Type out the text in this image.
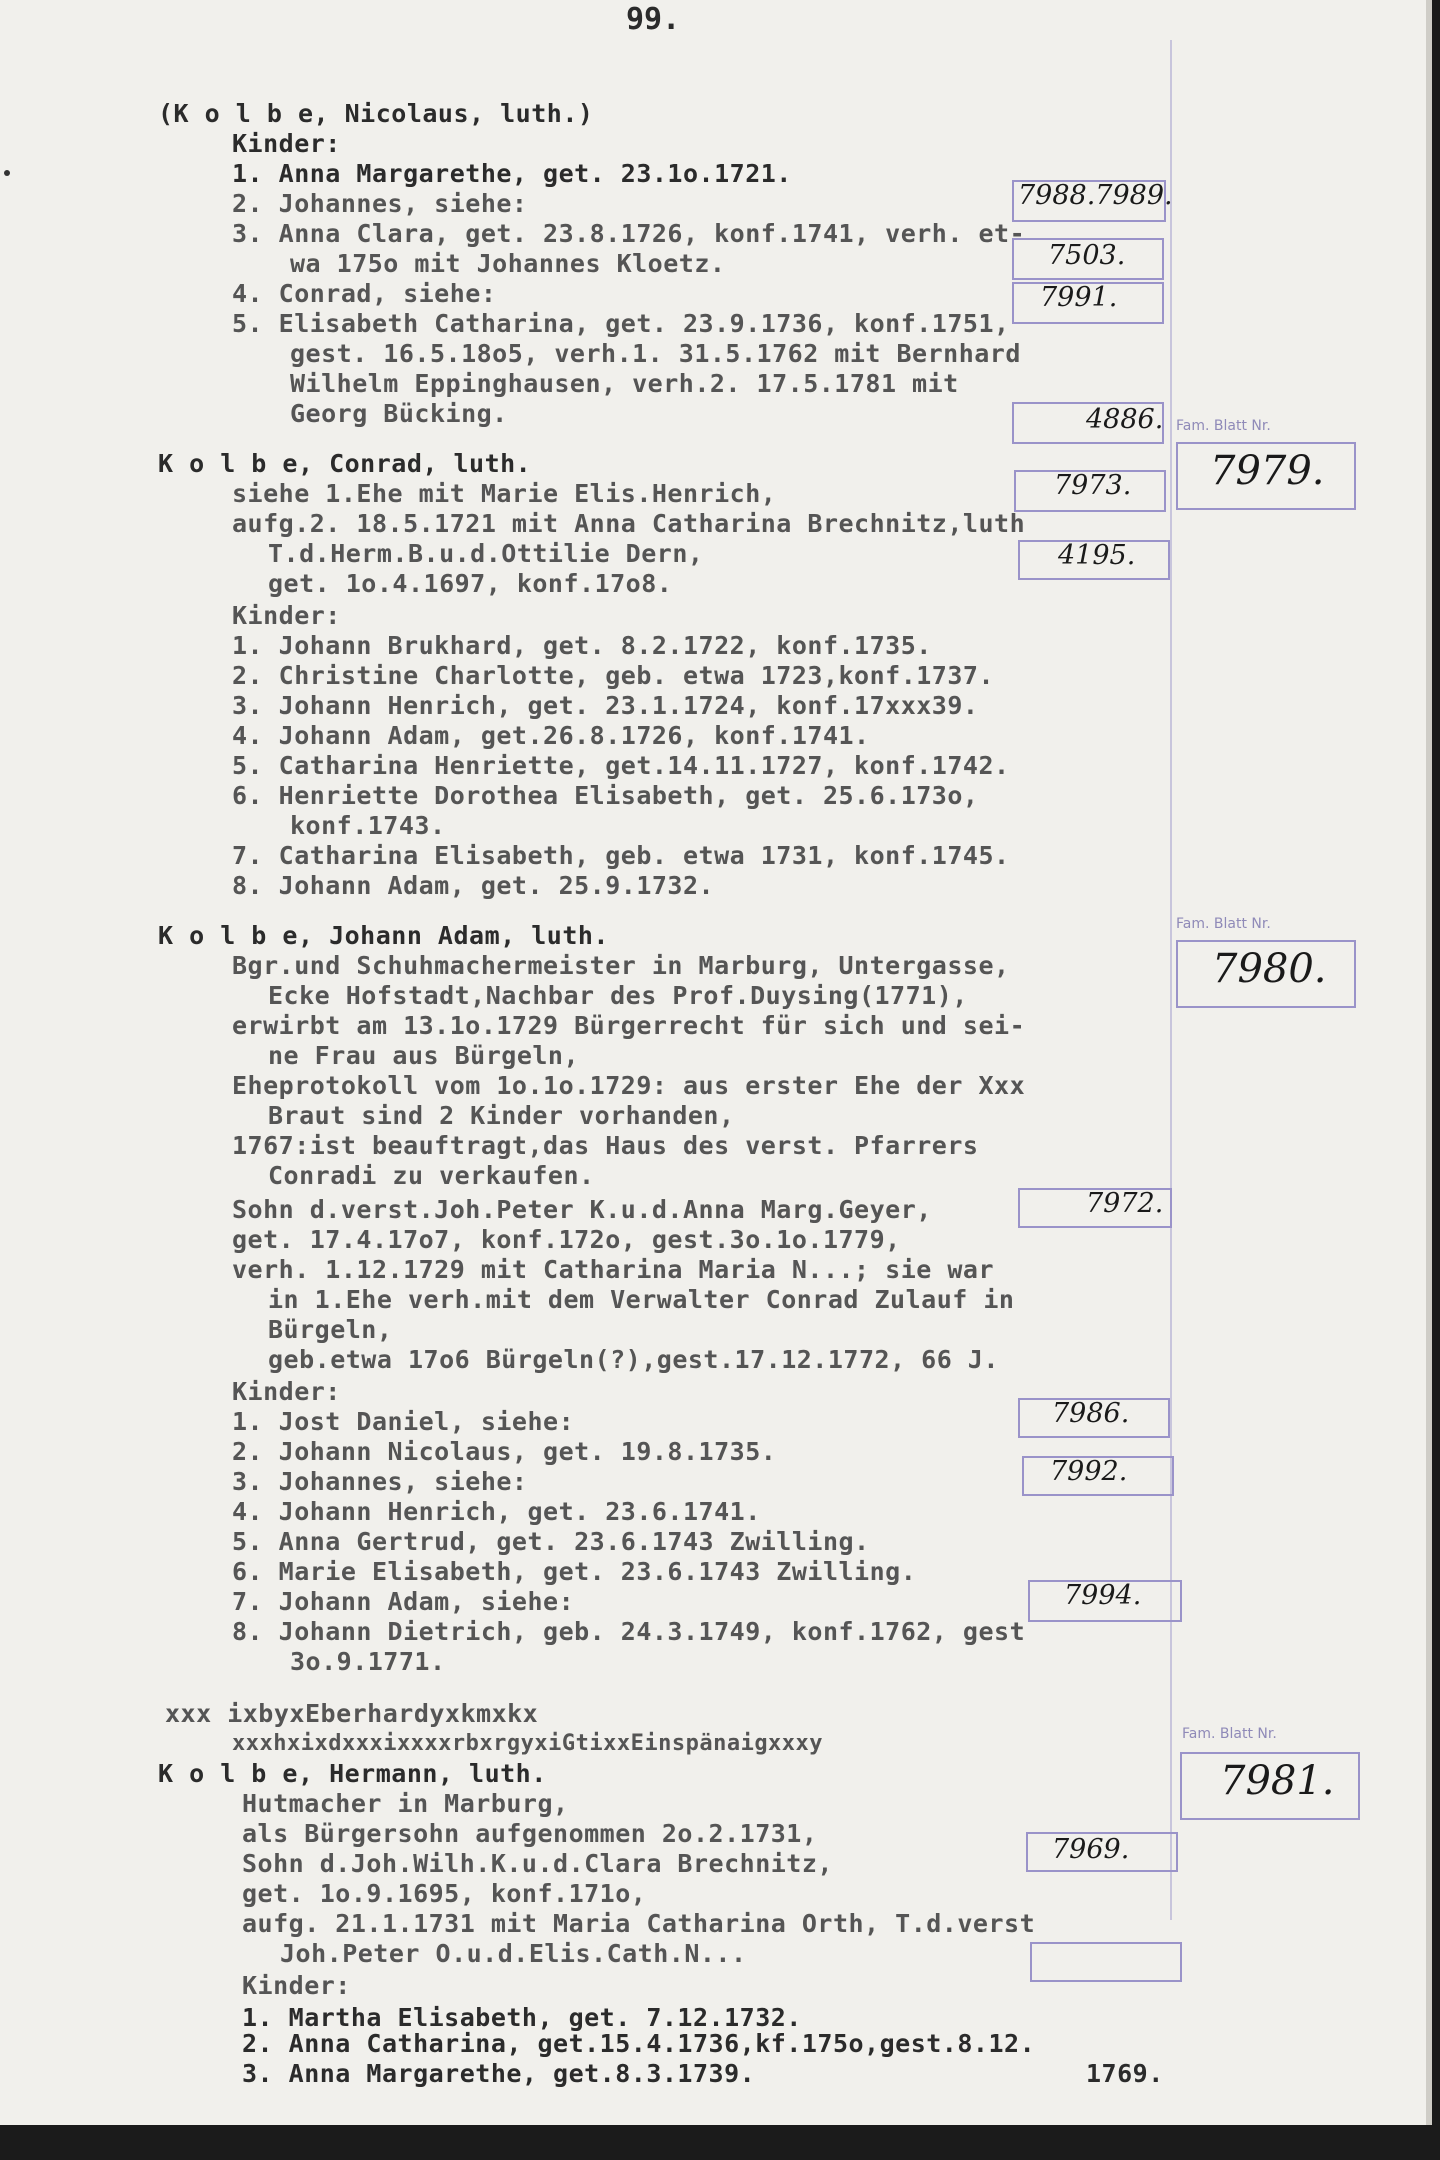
99.
(K o l b e, Nicolaus, luth.)
Kinder:
1. Anna Margarethe, get. 23.1o.1721.
2. Johannes, siehe:
3. Anna Clara, get. 23.8.1726, konf.1741, verh. et-
wa 175o mit Johannes Kloetz.
4. Conrad, siehe:
5. Elisabeth Catharina, get. 23.9.1736, konf.1751,
gest. 16.5.18o5, verh.1. 31.5.1762 mit Bernhard
Wilhelm Eppinghausen, verh.2. 17.5.1781 mit
Georg Bücking.
7988.7989.
7503.
7991.
4886. Fam. Blatt Nr.
7979.
K o l b e, Conrad, luth.
siehe 1.Ehe mit Marie Elis.Henrich,
aufg.2. 18.5.1721 mit Anna Catharina Brechnitz,luth
T.d.Herm.B.u.d.Ottilie Dern,
get. 1o.4.1697, konf.17o8.
Kinder:
1. Johann Brukhard, get. 8.2.1722, konf.1735.
2. Christine Charlotte, geb. etwa 1723,konf.1737.
3. Johann Henrich, get. 23.1.1724, konf.17xxx39.
4. Johann Adam, get.26.8.1726, konf.1741.
5. Catharina Henriette, get.14.11.1727, konf.1742.
6. Henriette Dorothea Elisabeth, get. 25.6.173o,
konf.1743.
7. Catharina Elisabeth, geb. etwa 1731, konf.1745.
8. Johann Adam, get. 25.9.1732.
7973.
4195.
Fam. Blatt Nr.
7980.
K o l b e, Johann Adam, luth.
Bgr.und Schuhmachermeister in Marburg, Untergasse,
Ecke Hofstadt,Nachbar des Prof.Duysing(1771),
erwirbt am 13.1o.1729 Bürgerrecht für sich und sei-
ne Frau aus Bürgeln,
Eheprotokoll vom 1o.1o.1729: aus erster Ehe der Xxx
Braut sind 2 Kinder vorhanden,
1767:ist beauftragt,das Haus des verst. Pfarrers
Conradi zu verkaufen.
Sohn d.verst.Joh.Peter K.u.d.Anna Marg.Geyer,
get. 17.4.17o7, konf.172o, gest.3o.1o.1779,
verh. 1.12.1729 mit Catharina Maria N...; sie war
in 1.Ehe verh.mit dem Verwalter Conrad Zulauf in
Bürgeln,
geb.etwa 17o6 Bürgeln(?),gest.17.12.1772, 66 J.
Kinder:
1. Jost Daniel, siehe:
2. Johann Nicolaus, get. 19.8.1735.
3. Johannes, siehe:
4. Johann Henrich, get. 23.6.1741.
5. Anna Gertrud, get. 23.6.1743 Zwilling.
6. Marie Elisabeth, get. 23.6.1743 Zwilling.
7. Johann Adam, siehe:
8. Johann Dietrich, geb. 24.3.1749, konf.1762, gest
3o.9.1771.
7972.
7986.
7992.
7994.
xxx ixbyxEberhardyxkmxkx
xxxhxixdxxxixxxxrbxrgyxiGtixxEinspänaigxxxy	Fam. Blatt Nr.
7981.
K o l b e, Hermann, luth.
Hutmacher in Marburg,
als Bürgersohn aufgenommen 2o.2.1731,
Sohn d.Joh.Wilh.K.u.d.Clara Brechnitz,
get. 1o.9.1695, konf.171o,
aufg. 21.1.1731 mit Maria Catharina Orth, T.d.verst
Joh.Peter O.u.d.Elis.Cath.N...
Kinder:
1. Martha Elisabeth, get. 7.12.1732.
2. Anna Catharina, get.15.4.1736,kf.175o,gest.8.12.
3. Anna Margarethe, get.8.3.1739.	1769.
7969.
